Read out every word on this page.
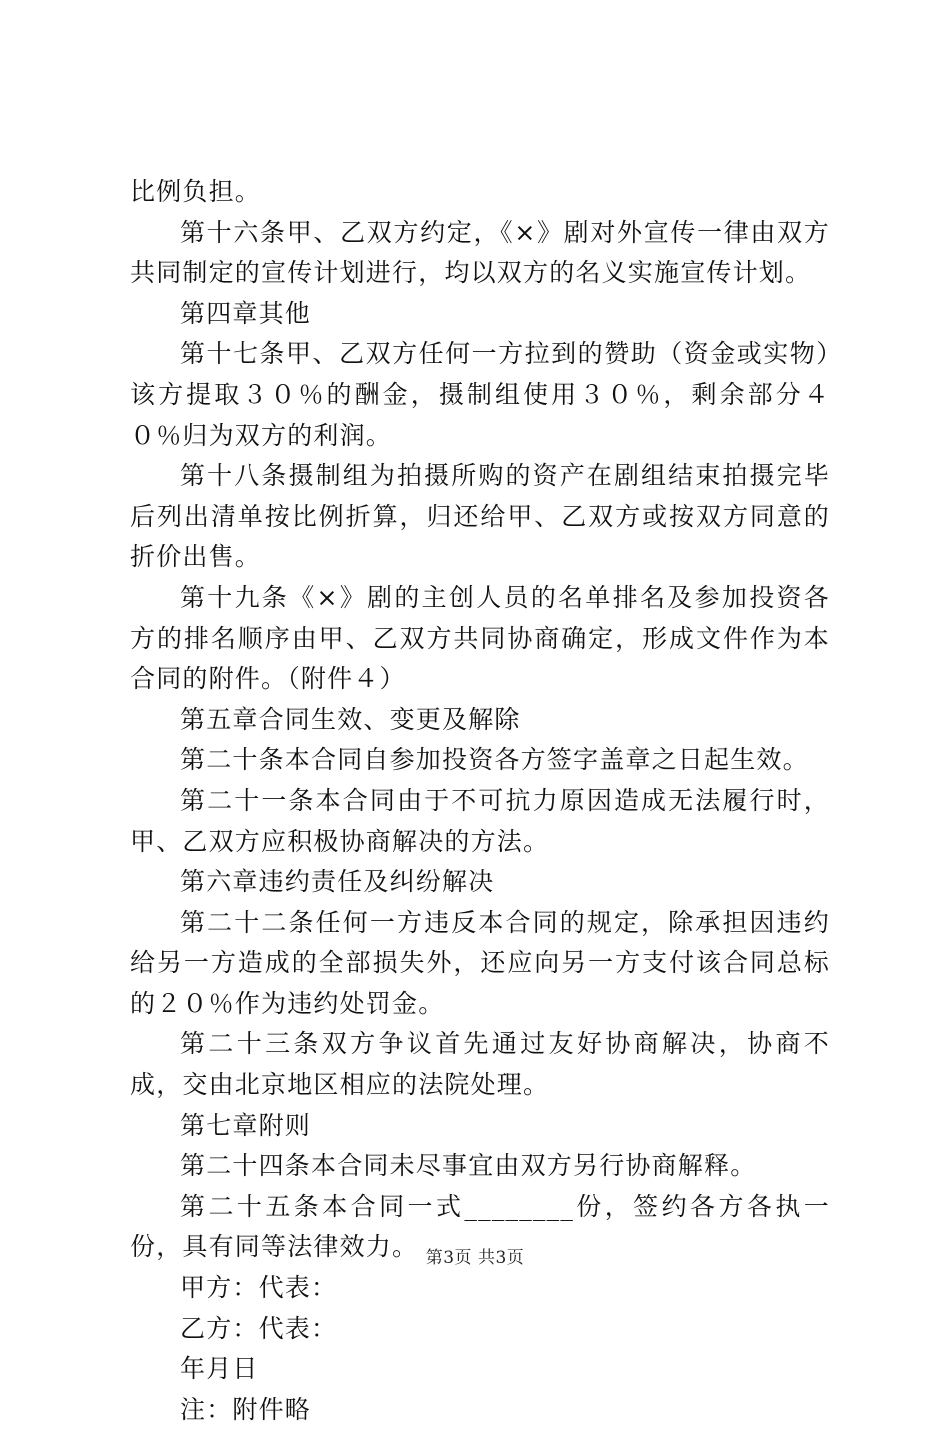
比例负担。

第十六条甲、乙双方约定，《×》剧对外宣传一律由双方共同制定的宣传计划进行，均以双方的名义实施宣传计划。

第四章其他

第十七条甲、乙双方任何一方拉到的赞助（资金或实物）该方提取３０％的酬金，摄制组使用３０％，剩余部分４０％归为双方的利润。

第十八条摄制组为拍摄所购的资产在剧组结束拍摄完毕后列出清单按比例折算，归还给甲、乙双方或按双方同意的折价出售。

第十九条《×》剧的主创人员的名单排名及参加投资各方的排名顺序由甲、乙双方共同协商确定，形成文件作为本合同的附件。（附件４）

第五章合同生效、变更及解除

第二十条本合同自参加投资各方签字盖章之日起生效。

第二十一条本合同由于不可抗力原因造成无法履行时，甲、乙双方应积极协商解决的方法。

第六章违约责任及纠纷解决

第二十二条任何一方违反本合同的规定，除承担因违约给另一方造成的全部损失外，还应向另一方支付该合同总标的２０％作为违约处罚金。

第二十三条双方争议首先通过友好协商解决，协商不成，交由北京地区相应的法院处理。

第七章附则

第二十四条本合同未尽事宜由双方另行协商解释。

第二十五条本合同一式________份，签约各方各执一份，具有同等法律效力。

甲方：代表：

乙方：代表：

年月日

注：附件略

第3页 共3页
